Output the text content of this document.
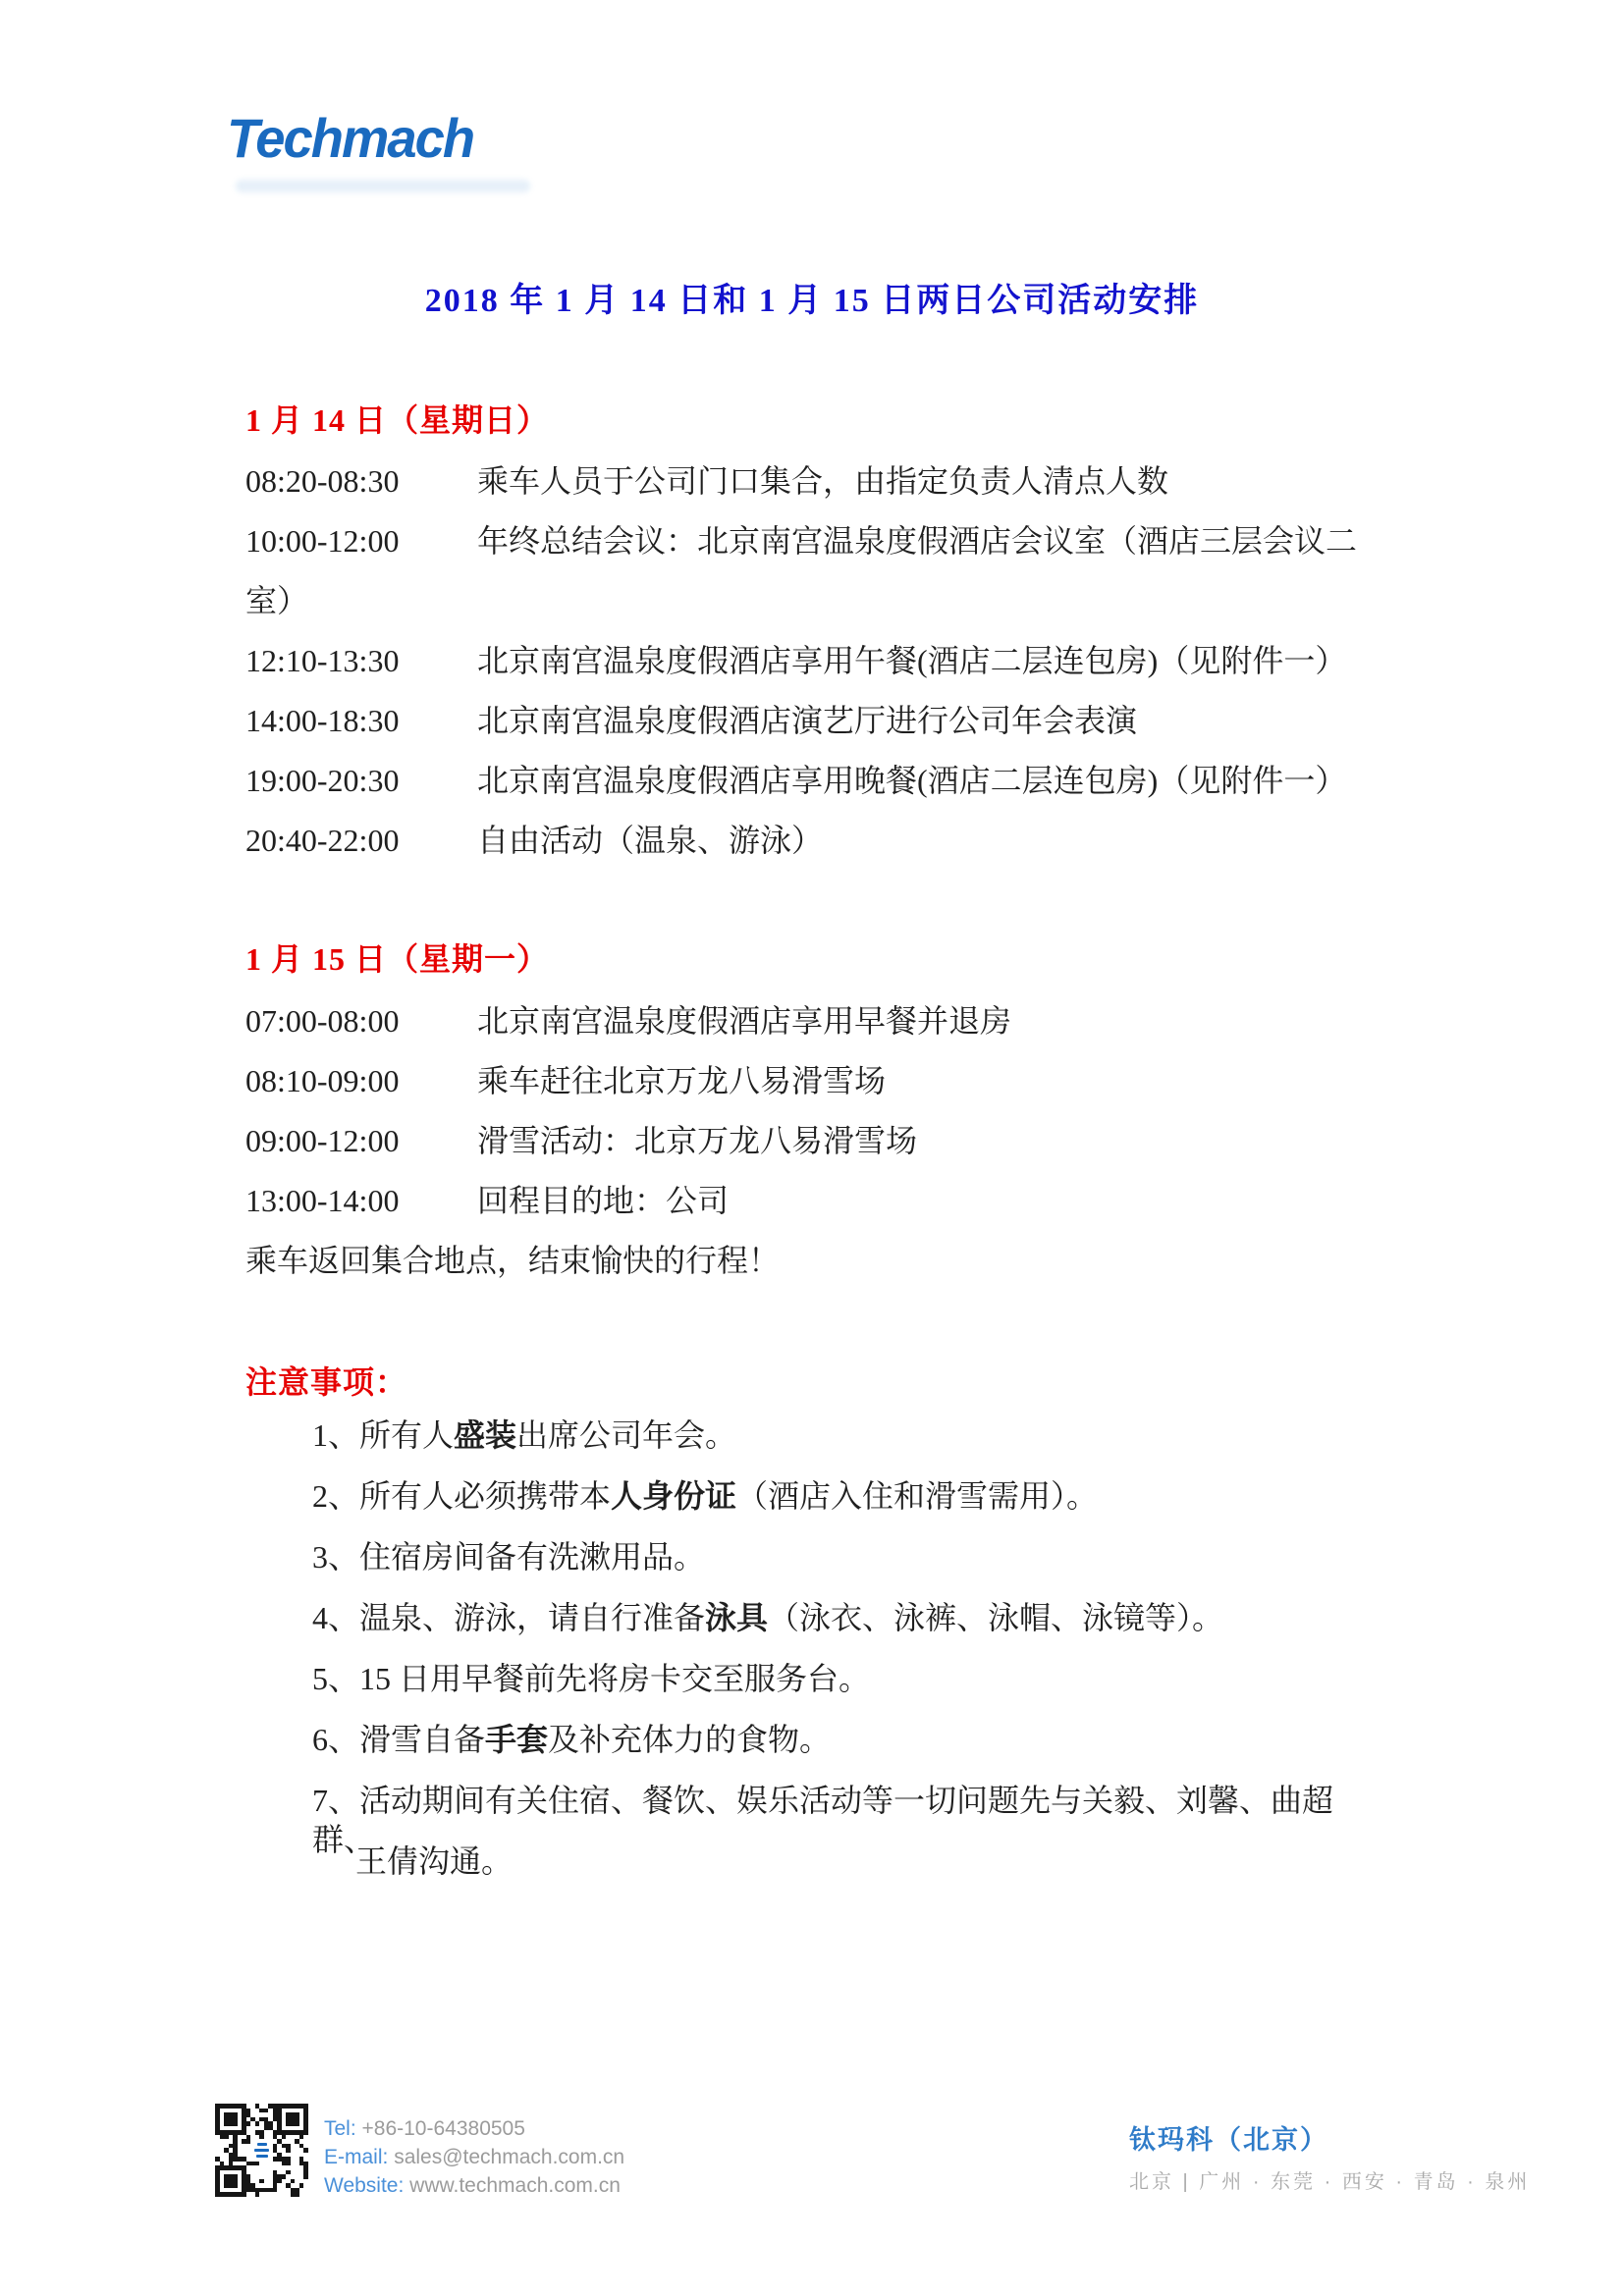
Techmach
2018 年 1 月 14 日和 1 月 15 日两日公司活动安排
1 月 14 日（星期日）
08:20-08:30	乘车人员于公司门口集合，由指定负责人清点人数
10:00-12:00	年终总结会议：北京南宫温泉度假酒店会议室（酒店三层会议二
室）
12:10-13:30	北京南宫温泉度假酒店享用午餐(酒店二层连包房)（见附件一）
14:00-18:30	北京南宫温泉度假酒店演艺厅进行公司年会表演
19:00-20:30	北京南宫温泉度假酒店享用晚餐(酒店二层连包房)（见附件一）
20:40-22:00	自由活动（温泉、游泳）
1 月 15 日（星期一）
07:00-08:00	北京南宫温泉度假酒店享用早餐并退房
08:10-09:00	乘车赶往北京万龙八易滑雪场
09:00-12:00	滑雪活动：北京万龙八易滑雪场
13:00-14:00	回程目的地：公司
乘车返回集合地点，结束愉快的行程！
注意事项：
1、所有人盛装出席公司年会。
2、所有人必须携带本人身份证（酒店入住和滑雪需用）。
3、住宿房间备有洗漱用品。
4、温泉、游泳，请自行准备泳具（泳衣、泳裤、泳帽、泳镜等）。
5、15 日用早餐前先将房卡交至服务台。
6、滑雪自备手套及补充体力的食物。
7、活动期间有关住宿、餐饮、娱乐活动等一切问题先与关毅、刘馨、曲超群、
王倩沟通。
Tel: +86-10-64380505
E-mail: sales@techmach.com.cn
Website: www.techmach.com.cn
钛玛科（北京）
北京 | 广州 · 东莞 · 西安 · 青岛 · 泉州
